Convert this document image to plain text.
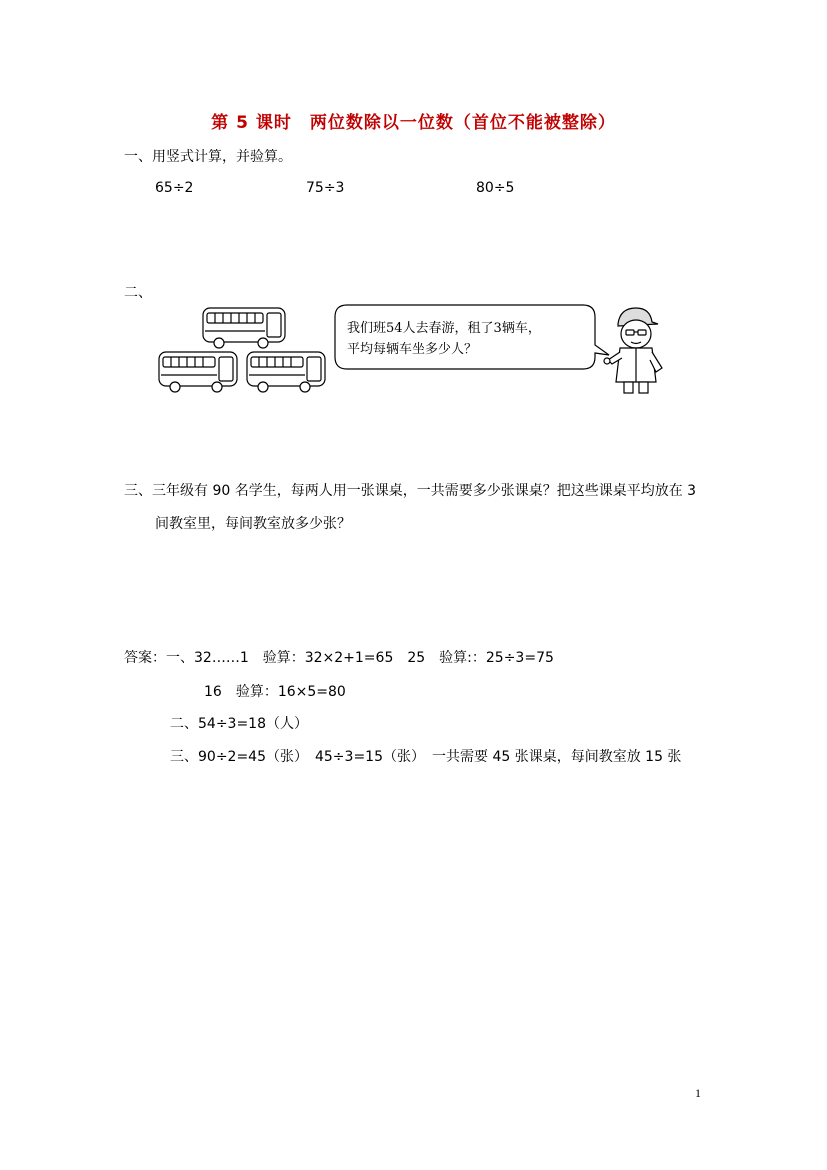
第 5 课时　两位数除以一位数（首位不能被整除）
一、用竖式计算，并验算。
65÷2	75÷3	80÷5
二、
我们班54人去春游，租了3辆车，
平均每辆车坐多少人？
三、三年级有 90 名学生，每两人用一张课桌，一共需要多少张课桌？把这些课桌平均放在 3
间教室里，每间教室放多少张？
答案：一、32……1　验算：32×2+1=65　25　验算:：25÷3=75
16　验算：16×5=80
二、54÷3=18（人）
三、90÷2=45（张）　45÷3=15（张）　一共需要 45 张课桌，每间教室放 15 张
1
